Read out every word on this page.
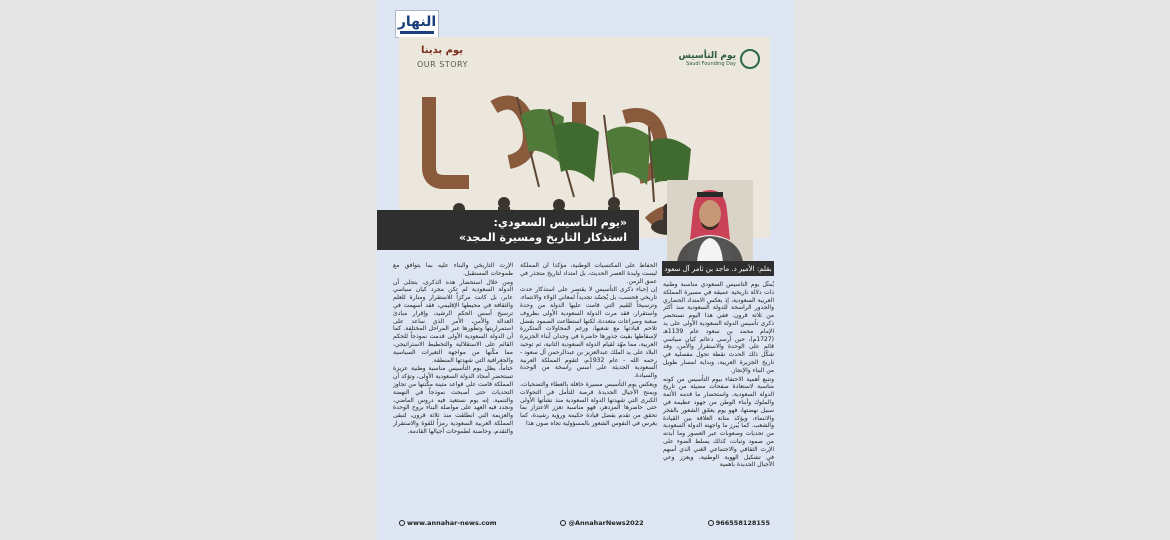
النهار
يوم بدينا
OUR STORY
يوم التأسيس
Saudi Founding Day
«يوم التأسيس السعودي:
استذكار التاريخ ومسيرة المجد»
بقلم: الأمير د. ماجد بن ثامر آل سعود

يُمثّل يوم التأسيس السعودي مناسبة وطنية ذات دلالة تاريخية عميقة في مسيرة المملكة العربية السعودية، إذ يعكس الامتداد الحضاري والجذور الراسخة للدولة السعودية منذ أكثر من ثلاثة قرون. ففي هذا اليوم نستحضر ذكرى تأسيس الدولة السعودية الأولى على يد الإمام محمد بن سعود عام 1139هـ (1727م)، حين أرسى دعائم كيان سياسي قائم على الوحدة والاستقرار والأمن، وقد شكّل ذلك الحدث نقطة تحول مفصلية في تاريخ الجزيرة العربية، وبداية لمسار طويل من البناء والإنجاز.

وتنبع أهمية الاحتفاء بيوم التأسيس من كونه مناسبة لاستعادة صفحات مضيئة من تاريخ الدولة السعودية، واستحضار ما قدمه الأئمة والملوك وأبناء الوطن من جهود عظيمة في سبيل نهضتها، فهو يوم يعمّق الشعور بالفخر والانتماء، ويؤكد متانة العلاقة بين القيادة والشعب. كما يُبرز ما واجهته الدولة السعودية من تحديات وصعوبات عبر العصور وما أبدته من صمود وثبات، كذلك يسلط الضوء على الإرث الثقافي والاجتماعي الغني الذي أسهم في تشكيل الهوية الوطنية، ويعزز وعي الأجيال الجديدة بأهمية

الحفاظ على المكتسبات الوطنية، مؤكداً أن المملكة ليست وليدة العصر الحديث، بل امتداد لتاريخ متجذر في عمق الزمن.

إن إحياء ذكرى التأسيس لا يقتصر على استذكار حدث تاريخي فحسب، بل يُجسّد تجديداً لمعاني الولاء والانتماء، وترسيخاً للقيم التي قامت عليها الدولة من وحدة واستقرار. فقد مرت الدولة السعودية الأولى بظروف صعبة وصراعات متعددة، لكنها استطاعت الصمود بفضل تلاحم قيادتها مع شعبها، ورغم المحاولات المتكررة لإسقاطها بقيت جذورها حاضرة في وجدان أبناء الجزيرة العربية، مما مهّد لقيام الدولة السعودية الثانية، ثم توحيد البلاد على يد الملك عبدالعزيز بن عبدالرحمن آل سعود - رحمه الله - عام 1932م، لتقوم المملكة العربية السعودية الحديثة على أسس راسخة من الوحدة والسيادة.

ويعكس يوم التأسيس مسيرة حافلة بالعطاء والتضحيات، ويمنح الأجيال الجديدة فرصة للتأمل في التحولات الكبرى التي شهدتها الدولة السعودية منذ نشأتها الأولى حتى حاضرها المزدهر، فهو مناسبة تعزز الاعتزاز بما تحقق من تقدم بفضل قيادة حكيمة ورؤية رشيدة، كما يغرس في النفوس الشعور بالمسؤولية تجاه صون هذا

الإرث التاريخي والبناء عليه بما يتوافق مع طموحات المستقبل.

ومن خلال استحضار هذه الذكرى، يتجلى أن الدولة السعودية لم تكن مجرد كيان سياسي عابر، بل كانت مركزاً للاستقرار ومنارة للعلم والثقافة في محيطها الإقليمي، فقد أسهمت في ترسيخ أسس الحكم الرشيد، وإقرار مبادئ العدالة والأمن، الأمر الذي ساعد على استمراريتها وتطورها عبر المراحل المختلفة. كما أن الدولة السعودية الأولى قدمت نموذجاً للحكم القائم على الاستقلالية والتخطيط الاستراتيجي، مما مكّنها من مواجهة التغيرات السياسية والجغرافية التي شهدتها المنطقة.

ختاماً، يظل يوم التأسيس مناسبة وطنية عزيزة تستحضر أمجاد الدولة السعودية الأولى، وتؤكد أن المملكة قامت على قواعد متينة مكّنتها من تجاوز التحديات حتى أصبحت نموذجاً في النهضة والتنمية. إنه يوم نستعيد فيه دروس الماضي، ونجدد فيه العهد على مواصلة البناء بروح الوحدة والعزيمة التي انطلقت منذ ثلاثة قرون، لتبقى المملكة العربية السعودية رمزاً للقوة والاستقرار والتقدم، وحاضنة لطموحات أجيالها القادمة.

www.annahar-news.com	@AnnaharNews2022	966558128155
